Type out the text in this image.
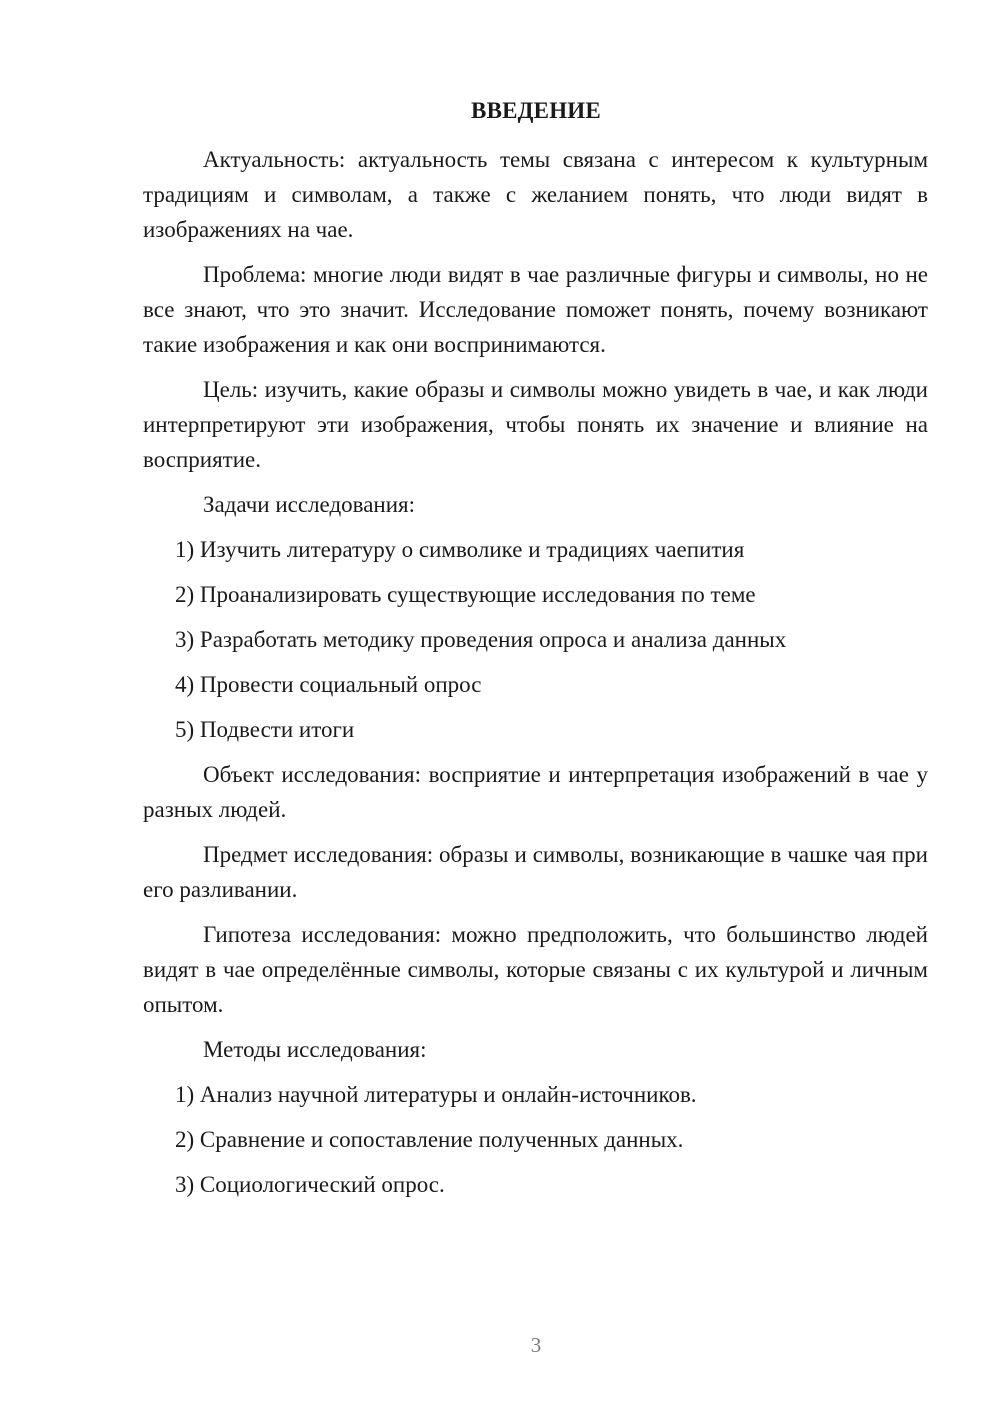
ВВЕДЕНИЕ

Актуальность: актуальность темы связана с интересом к культурным традициям и символам, а также с желанием понять, что люди видят в изображениях на чае.

Проблема: многие люди видят в чае различные фигуры и символы, но не все знают, что это значит. Исследование поможет понять, почему возникают такие изображения и как они воспринимаются.

Цель: изучить, какие образы и символы можно увидеть в чае, и как люди интерпретируют эти изображения, чтобы понять их значение и влияние на восприятие.

Задачи исследования:

1) Изучить литературу о символике и традициях чаепития

2) Проанализировать существующие исследования по теме

3) Разработать методику проведения опроса и анализа данных

4) Провести социальный опрос

5) Подвести итоги

Объект исследования: восприятие и интерпретация изображений в чае у разных людей.

Предмет исследования: образы и символы, возникающие в чашке чая при его разливании.

Гипотеза исследования: можно предположить, что большинство людей видят в чае определённые символы, которые связаны с их культурой и личным опытом.

Методы исследования:

1) Анализ научной литературы и онлайн-источников.

2) Сравнение и сопоставление полученных данных.

3) Социологический опрос.

3
